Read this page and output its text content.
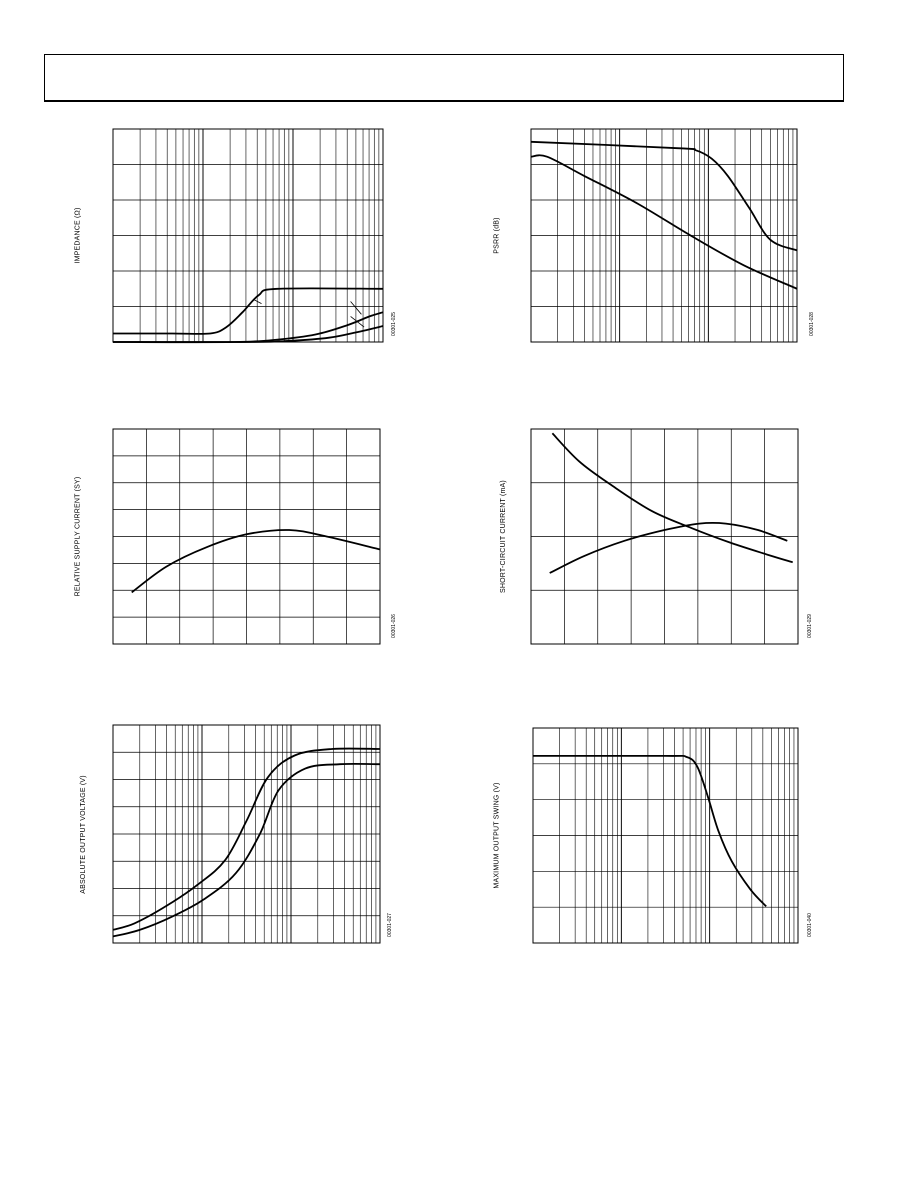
IMPEDANCE (Ω)
00301-025
PSRR (dB)
00301-028
RELATIVE SUPPLY CURRENT (SY)
00301-026
SHORT-CIRCUIT CURRENT (mA)
00301-029
ABSOLUTE OUTPUT VOLTAGE (V)
00301-027
MAXIMUM OUTPUT SWING (V)
00301-040
